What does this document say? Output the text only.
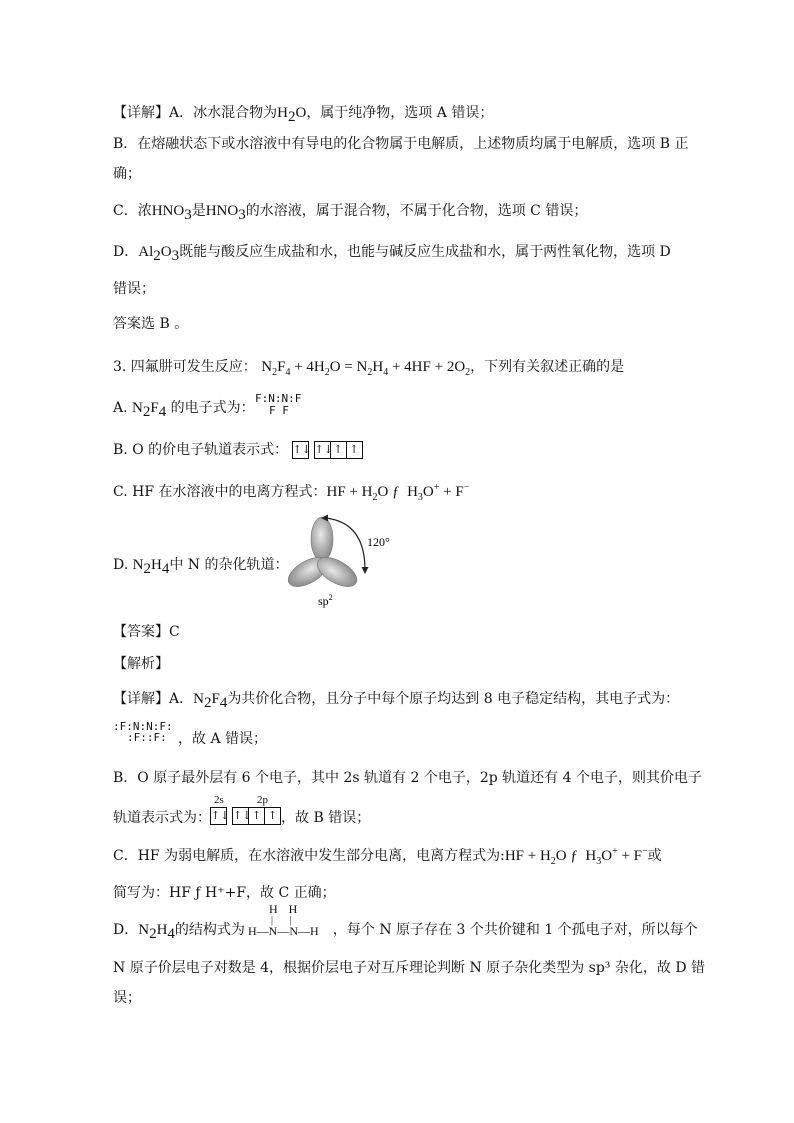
【详解】A．冰水混合物为$H_2O$，属于纯净物，选项 A 错误；
B．在熔融状态下或水溶液中有导电的化合物属于电解质，上述物质均属于电解质，选项 B 正
确；
C．浓$HNO_3$是$HNO_3$的水溶液，属于混合物，不属于化合物，选项 C 错误；
D．$Al_2O_3$既能与酸反应生成盐和水，也能与碱反应生成盐和水，属于两性氧化物，选项 D
错误；
答案选 B 。
3. 四氟肼可发生反应： $N_2F_4 + 4H_2O = N_2H_4 + 4HF + 2O_2$，下列有关叙述正确的是
A. $N_2F_4$ 的电子式为：
F:N:N:F
F F
B. O 的价电子轨道表示式： ↑↓ ↑↓↑ ↑
C. HF 在水溶液中的电离方程式：HF + $H_2O$ ƒ $H_3O^+ + F^-$
D. $N_2H_4$中 N 的杂化轨道：
120°
$sp^2$
【答案】C
【解析】
【详解】A．$N_2F_4$为共价化合物，且分子中每个原子均达到 8 电子稳定结构，其电子式为：
:F:N:N:F:
:F::F: ，故 A 错误；
B．O 原子最外层有 6 个电子，其中 2s 轨道有 2 个电子，2p 轨道还有 4 个电子，则其价电子
轨道表示式为：
2s	2p
↑↓ ↑↓↑ ↑ ，故 B 错误；
C．HF 为弱电解质，在水溶液中发生部分电离，电离方程式为:HF + $H_2O$ ƒ $H_3O^+ + F^-$或
简写为：HF ƒ H⁺+F，故 C 正确；
D．$N_2H_4$的结构式为	，每个 N 原子存在 3 个共价键和 1 个孤电子对，所以每个
H H
| |
H—N—N—H
N 原子价层电子对数是 4，根据价层电子对互斥理论判断 N 原子杂化类型为 sp³ 杂化，故 D 错
误；
